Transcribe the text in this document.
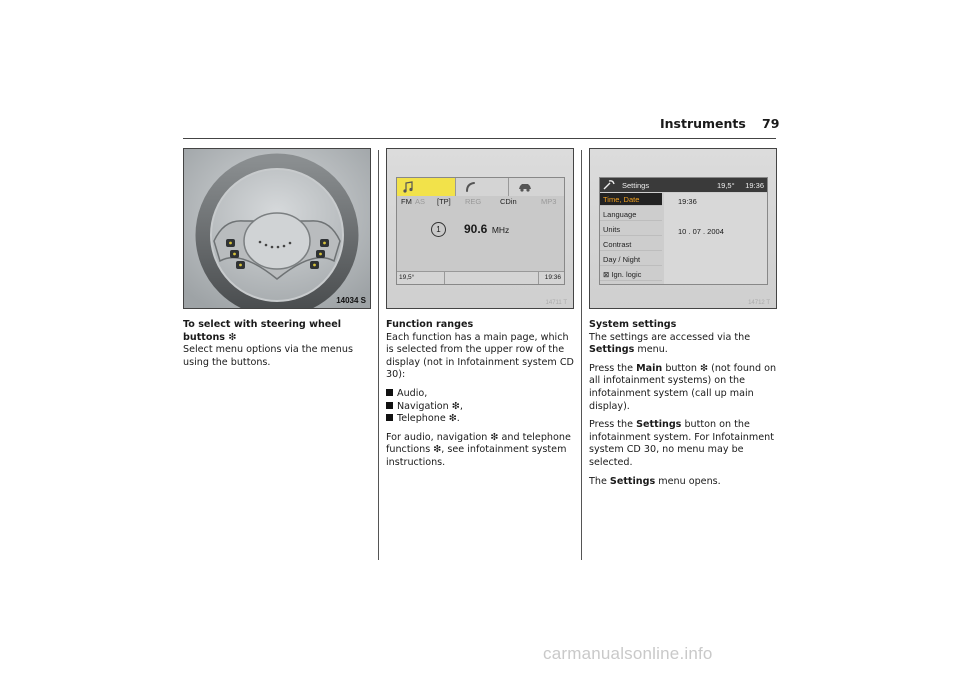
Instruments 79
14034 S
To select with steering wheel buttons ❇
Select menu options via the menus using the buttons.
FM AS [TP] REG CDin	MP3
1	90.6 MHz
19,5°	19:36
14711 T
Function ranges

Each function has a main page, which is selected from the upper row of the display (not in Infotainment system CD 30):

Audio,
Navigation ❇,
Telephone ❇.

For audio, navigation ❇ and telephone functions ❇, see infotainment system instructions.

Settings	19,5° 19:36
Time, Date
Language
Units
Contrast
Day / Night
⊠ Ign. logic
19:36
10 . 07 . 2004
14712 T
System settings

The settings are accessed via the
Settings menu.

Press the Main button ❇ (not found on all infotainment systems) on the infotainment system (call up main display).

Press the Settings button on the infotainment system. For Infotainment system CD 30, no menu may be selected.

The Settings menu opens.

carmanualsonline.info
